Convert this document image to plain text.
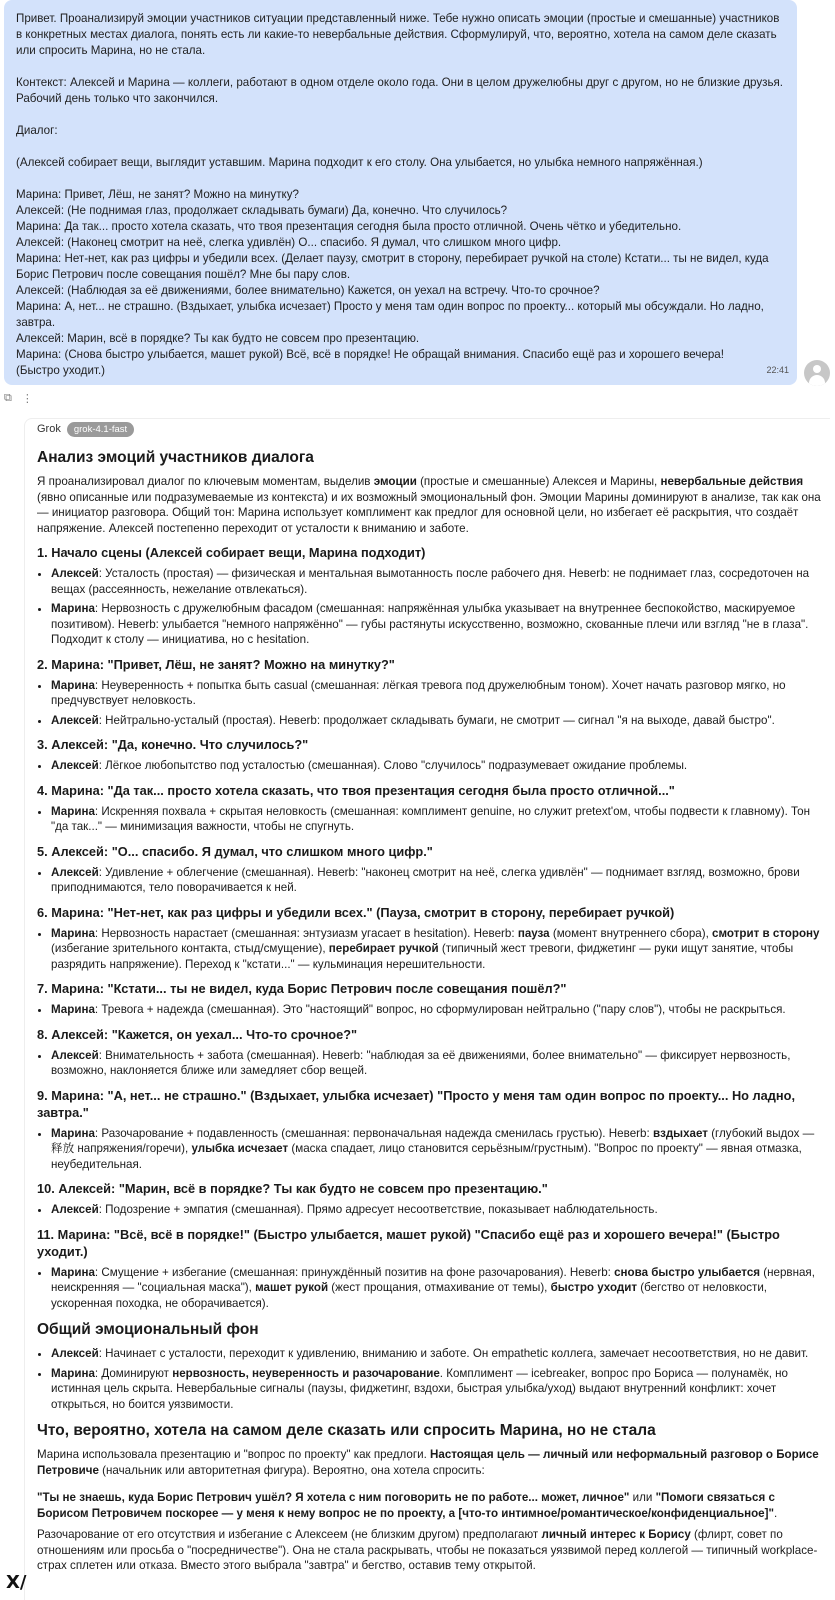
Привет. Проанализируй эмоции участников ситуации представленный ниже. Тебе нужно описать эмоции (простые и смешанные) участников в конкретных местах диалога, понять есть ли какие-то невербальные действия. Сформулируй, что, вероятно, хотела на самом деле сказать или спросить Марина, но не стала.

Контекст: Алексей и Марина — коллеги, работают в одном отделе около года. Они в целом дружелюбны друг с другом, но не близкие друзья. Рабочий день только что закончился.

Диалог:

(Алексей собирает вещи, выглядит уставшим. Марина подходит к его столу. Она улыбается, но улыбка немного напряжённая.)

Марина: Привет, Лёш, не занят? Можно на минутку?

Алексей: (Не поднимая глаз, продолжает складывать бумаги) Да, конечно. Что случилось?

Марина: Да так... просто хотела сказать, что твоя презентация сегодня была просто отличной. Очень чётко и убедительно.

Алексей: (Наконец смотрит на неё, слегка удивлён) О... спасибо. Я думал, что слишком много цифр.

Марина: Нет-нет, как раз цифры и убедили всех. (Делает паузу, смотрит в сторону, перебирает ручкой на столе) Кстати... ты не видел, куда Борис Петрович после совещания пошёл? Мне бы пару слов.

Алексей: (Наблюдая за её движениями, более внимательно) Кажется, он уехал на встречу. Что-то срочное?

Марина: А, нет... не страшно. (Вздыхает, улыбка исчезает) Просто у меня там один вопрос по проекту... который мы обсуждали. Но ладно, завтра.

Алексей: Марин, всё в порядке? Ты как будто не совсем про презентацию.

Марина: (Снова быстро улыбается, машет рукой) Всё, всё в порядке! Не обращай внимания. Спасибо ещё раз и хорошего вечера!

(Быстро уходит.)	22:41
⧉ ⋮
Grok	grok-4.1-fast
Анализ эмоций участников диалога

Я проанализировал диалог по ключевым моментам, выделив эмоции (простые и смешанные) Алексея и Марины, невербальные действия (явно описанные или подразумеваемые из контекста) и их возможный эмоциональный фон. Эмоции Марины доминируют в анализе, так как она — инициатор разговора. Общий тон: Марина использует комплимент как предлог для основной цели, но избегает её раскрытия, что создаёт напряжение. Алексей постепенно переходит от усталости к вниманию и заботе.

1. Начало сцены (Алексей собирает вещи, Марина подходит)
• Алексей: Усталость (простая) — физическая и ментальная вымотанность после рабочего дня. Невerb: не поднимает глаз, сосредоточен на вещах (рассеянность, нежелание отвлекаться).
• Марина: Нервозность с дружелюбным фасадом (смешанная: напряжённая улыбка указывает на внутреннее беспокойство, маскируемое позитивом). Невerb: улыбается "немного напряжённо" — губы растянуты искусственно, возможно, скованные плечи или взгляд "не в глаза". Подходит к столу — инициатива, но с hesitation.
2. Марина: "Привет, Лёш, не занят? Можно на минутку?"
• Марина: Неуверенность + попытка быть casual (смешанная: лёгкая тревога под дружелюбным тоном). Хочет начать разговор мягко, но предчувствует неловкость.
• Алексей: Нейтрально-усталый (простая). Невerb: продолжает складывать бумаги, не смотрит — сигнал "я на выходе, давай быстро".
3. Алексей: "Да, конечно. Что случилось?"
• Алексей: Лёгкое любопытство под усталостью (смешанная). Слово "случилось" подразумевает ожидание проблемы.
4. Марина: "Да так... просто хотела сказать, что твоя презентация сегодня была просто отличной..."
• Марина: Искренняя похвала + скрытая неловкость (смешанная: комплимент genuine, но служит pretext'ом, чтобы подвести к главному). Тон "да так..." — минимизация важности, чтобы не спугнуть.
5. Алексей: "О... спасибо. Я думал, что слишком много цифр."
• Алексей: Удивление + облегчение (смешанная). Невerb: "наконец смотрит на неё, слегка удивлён" — поднимает взгляд, возможно, брови приподнимаются, тело поворачивается к ней.
6. Марина: "Нет-нет, как раз цифры и убедили всех." (Пауза, смотрит в сторону, перебирает ручкой)
• Марина: Нервозность нарастает (смешанная: энтузиазм угасает в hesitation). Невerb: пауза (момент внутреннего сбора), смотрит в сторону (избегание зрительного контакта, стыд/смущение), перебирает ручкой (типичный жест тревоги, фиджетинг — руки ищут занятие, чтобы разрядить напряжение). Переход к "кстати..." — кульминация нерешительности.
7. Марина: "Кстати... ты не видел, куда Борис Петрович после совещания пошёл?"
• Марина: Тревога + надежда (смешанная). Это "настоящий" вопрос, но сформулирован нейтрально ("пару слов"), чтобы не раскрыться.
8. Алексей: "Кажется, он уехал... Что-то срочное?"
• Алексей: Внимательность + забота (смешанная). Невerb: "наблюдая за её движениями, более внимательно" — фиксирует нервозность, возможно, наклоняется ближе или замедляет сбор вещей.
9. Марина: "А, нет... не страшно." (Вздыхает, улыбка исчезает) "Просто у меня там один вопрос по проекту... Но ладно, завтра."
• Марина: Разочарование + подавленность (смешанная: первоначальная надежда сменилась грустью). Невerb: вздыхает (глубокий выдох —释放 напряжения/горечи), улыбка исчезает (маска спадает, лицо становится серьёзным/грустным). "Вопрос по проекту" — явная отмазка, неубедительная.
10. Алексей: "Марин, всё в порядке? Ты как будто не совсем про презентацию."
• Алексей: Подозрение + эмпатия (смешанная). Прямо адресует несоответствие, показывает наблюдательность.
11. Марина: "Всё, всё в порядке!" (Быстро улыбается, машет рукой) "Спасибо ещё раз и хорошего вечера!" (Быстро уходит.)
• Марина: Смущение + избегание (смешанная: принуждённый позитив на фоне разочарования). Невerb: снова быстро улыбается (нервная, неискренняя — "социальная маска"), машет рукой (жест прощания, отмахивание от темы), быстро уходит (бегство от неловкости, ускоренная походка, не оборачивается).
Общий эмоциональный фон
• Алексей: Начинает с усталости, переходит к удивлению, вниманию и заботе. Он empathetic коллега, замечает несоответствия, но не давит.
• Марина: Доминируют нервозность, неуверенность и разочарование. Комплимент — icebreaker, вопрос про Бориса — полунамёк, но истинная цель скрыта. Невербальные сигналы (паузы, фиджетинг, вздохи, быстрая улыбка/уход) выдают внутренний конфликт: хочет открыться, но боится уязвимости.
Что, вероятно, хотела на самом деле сказать или спросить Марина, но не стала

Марина использовала презентацию и "вопрос по проекту" как предлоги. Настоящая цель — личный или неформальный разговор о Борисе Петровиче (начальник или авторитетная фигура). Вероятно, она хотела спросить:

"Ты не знаешь, куда Борис Петрович ушёл? Я хотела с ним поговорить не по работе... может, личное" или "Помоги связаться с Борисом Петровичем поскорее — у меня к нему вопрос не по проекту, а [что-то интимное/романтическое/конфиденциальное]".

Разочарование от его отсутствия и избегание с Алексеем (не близким другом) предполагают личный интерес к Борису (флирт, совет по отношениям или просьба о "посредничестве"). Она не стала раскрывать, чтобы не показаться уязвимой перед коллегой — типичный workplace-страх сплетен или отказа. Вместо этого выбрала "завтра" и бегство, оставив тему открытой.

X/
